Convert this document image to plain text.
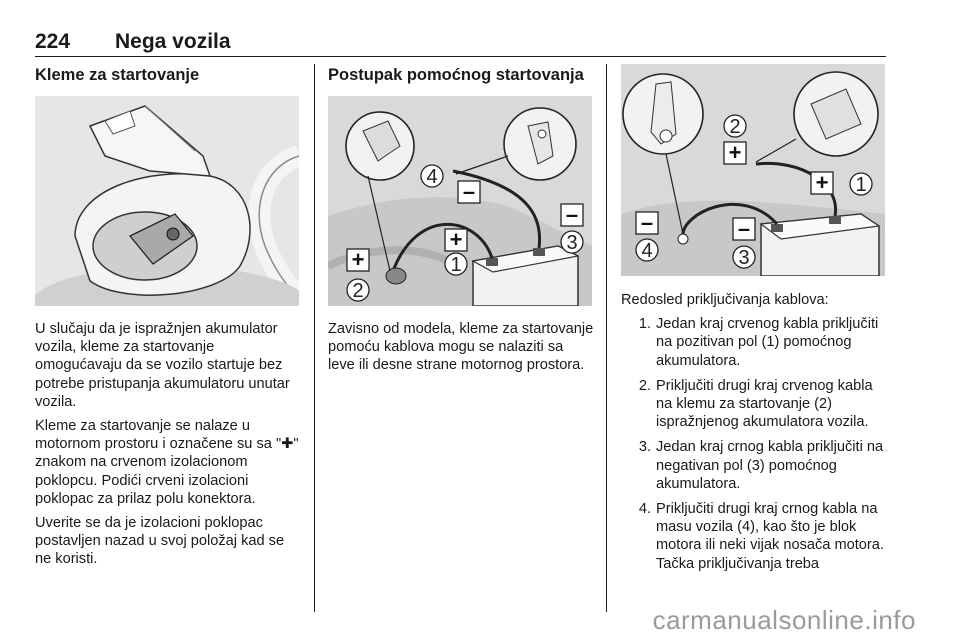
224 Nega vozila
Kleme za startovanje

U slučaju da je ispražnjen akumulator vozila, kleme za startovanje omogućavaju da se vozilo startuje bez potrebe pristupanja akumulatoru unutar vozila.

Kleme za startovanje se nalaze u motornom prostoru i označene su sa "✚" znakom na crvenom izolacionom poklopcu. Podići crveni izolacioni poklopac za prilaz polu konektora.

Uverite se da je izolacioni poklopac postavljen nazad u svoj položaj kad se ne koristi.

Postupak pomoćnog startovanja
1
2
3
4
+
+
–
–

Zavisno od modela, kleme za startovanje pomoću kablova mogu se nalaziti sa leve ili desne strane motornog prostora.

1
2
3
4
+
+
–
–

Redosled priključivanja kablova:

1. Jedan kraj crvenog kabla priključiti na pozitivan pol (1) pomoćnog akumulatora.
2. Priključiti drugi kraj crvenog kabla na klemu za startovanje (2) ispražnjenog akumulatora vozila.
3. Jedan kraj crnog kabla priključiti na negativan pol (3) pomoćnog akumulatora.
4. Priključiti drugi kraj crnog kabla na masu vozila (4), kao što je blok motora ili neki vijak nosača motora. Tačka priključivanja treba
carmanualsonline.info
